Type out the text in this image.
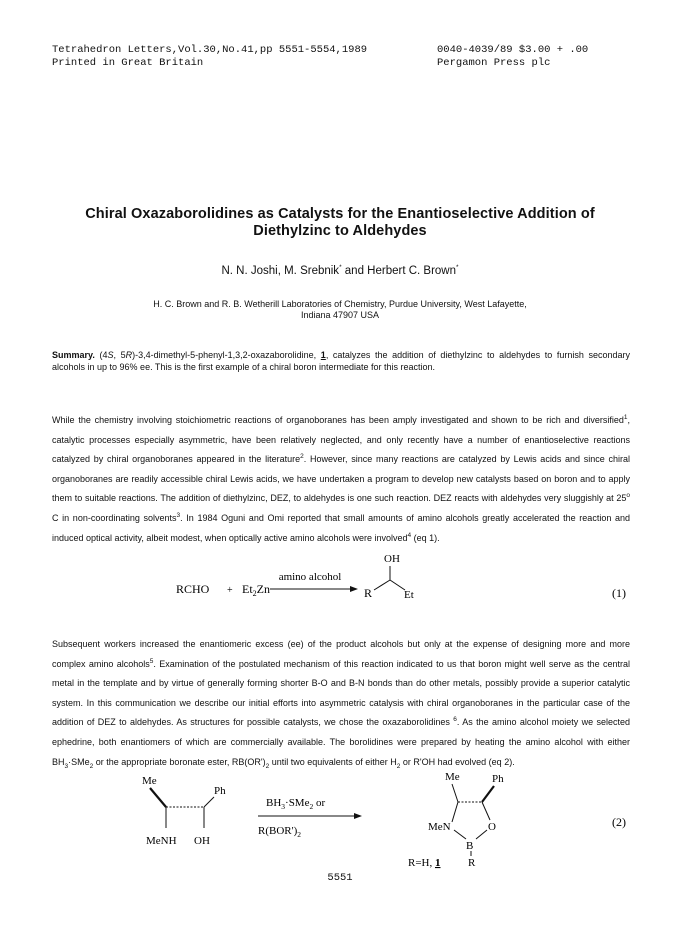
Tetrahedron Letters,Vol.30,No.41,pp 5551-5554,1989
Printed in Great Britain
0040-4039/89 $3.00 + .00
Pergamon Press plc
Chiral Oxazaborolidines as Catalysts for the Enantioselective Addition of
Diethylzinc to Aldehydes
N. N. Joshi, M. Srebnik* and Herbert C. Brown*
H. C. Brown and R. B. Wetherill Laboratories of Chemistry, Purdue University, West Lafayette,
Indiana 47907 USA

Summary. (4S, 5R)-3,4-dimethyl-5-phenyl-1,3,2-oxazaborolidine, 1, catalyzes the addition of diethylzinc to aldehydes to furnish secondary alcohols in up to 96% ee. This is the first example of a chiral boron intermediate for this reaction.

While the chemistry involving stoichiometric reactions of organoboranes has been amply investigated and shown to be rich and diversified$^1$, catalytic processes especially asymmetric, have been relatively neglected, and only recently have a number of enantioselective reactions catalyzed by chiral organoboranes appeared in the literature$^2$. However, since many reactions are catalyzed by Lewis acids and since chiral organoboranes are readily accessible chiral Lewis acids, we have undertaken a program to develop new catalysts based on boron and to apply them to suitable reactions. The addition of diethylzinc, DEZ, to aldehydes is one such reaction. DEZ reacts with aldehydes very sluggishly at 25$^o$ C in non-coordinating solvents$^3$. In 1984 Oguni and Omi reported that small amounts of amino alcohols greatly accelerated the reaction and induced optical activity, albeit modest, when optically active amino alcohols were involved$^4$ (eq 1).

RCHO + $Et_2Zn$
amino alcohol
OH
R	Et	(1)

Subsequent workers increased the enantiomeric excess (ee) of the product alcohols but only at the expense of designing more and more complex amino alcohols$^5$. Examination of the postulated mechanism of this reaction indicated to us that boron might well serve as the central metal in the template and by virtue of generally forming shorter B-O and B-N bonds than do other metals, possibly provide a superior catalytic system. In this communication we describe our initial efforts into asymmetric catalysis with chiral organoboranes in the particular case of the addition of DEZ to aldehydes. As structures for possible catalysts, we chose the oxazaborolidines $^6$. As the amino alcohol moiety we selected ephedrine, both enantiomers of which are commercially available. The borolidines were prepared by heating the amino alcohol with either $BH_3\cdot SMe_2$ or the appropriate boronate ester, $RB(OR')_2$ until two equivalents of either $H_2$ or R'OH had evolved (eq 2).

Me
Ph
MeNH OH
$BH_3\cdot SMe_2$ or
$R(BOR')_2$
Me	Ph
MeN	O
B
R
R=H, 1
(2)
5551
